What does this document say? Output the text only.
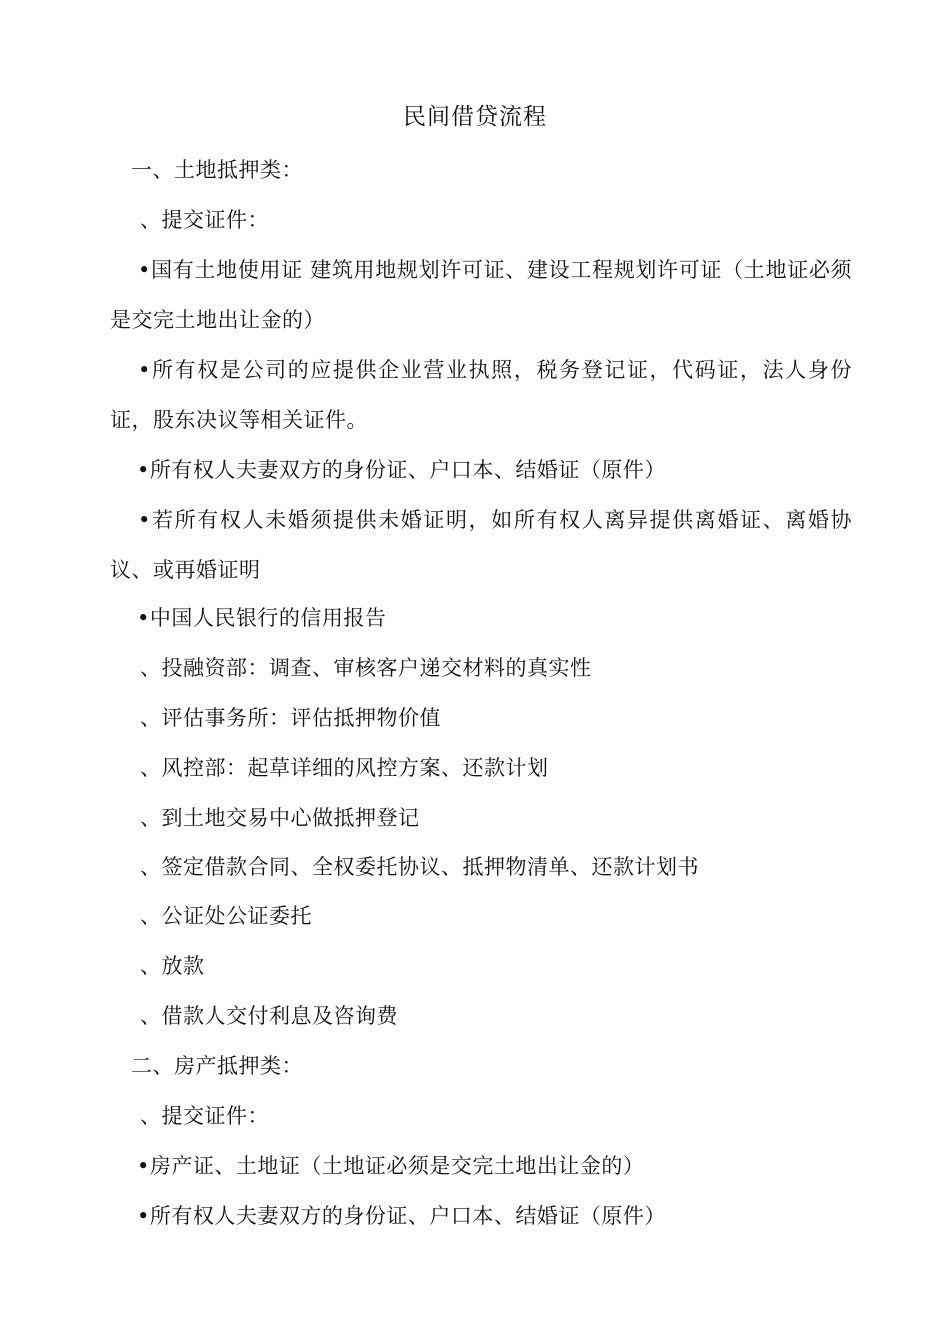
民间借贷流程
一、土地抵押类：
、提交证件：
•国有土地使用证 建筑用地规划许可证、建设工程规划许可证（土地证必须是交完土地出让金的）
•所有权是公司的应提供企业营业执照，税务登记证，代码证，法人身份证，股东决议等相关证件。
•所有权人夫妻双方的身份证、户口本、结婚证（原件）
•若所有权人未婚须提供未婚证明，如所有权人离异提供离婚证、离婚协议、或再婚证明
•中国人民银行的信用报告
、投融资部：调查、审核客户递交材料的真实性
、评估事务所：评估抵押物价值
、风控部：起草详细的风控方案、还款计划
、到土地交易中心做抵押登记
、签定借款合同、全权委托协议、抵押物清单、还款计划书
、公证处公证委托
、放款
、借款人交付利息及咨询费
二、房产抵押类：
、提交证件：
•房产证、土地证（土地证必须是交完土地出让金的）
•所有权人夫妻双方的身份证、户口本、结婚证（原件）
